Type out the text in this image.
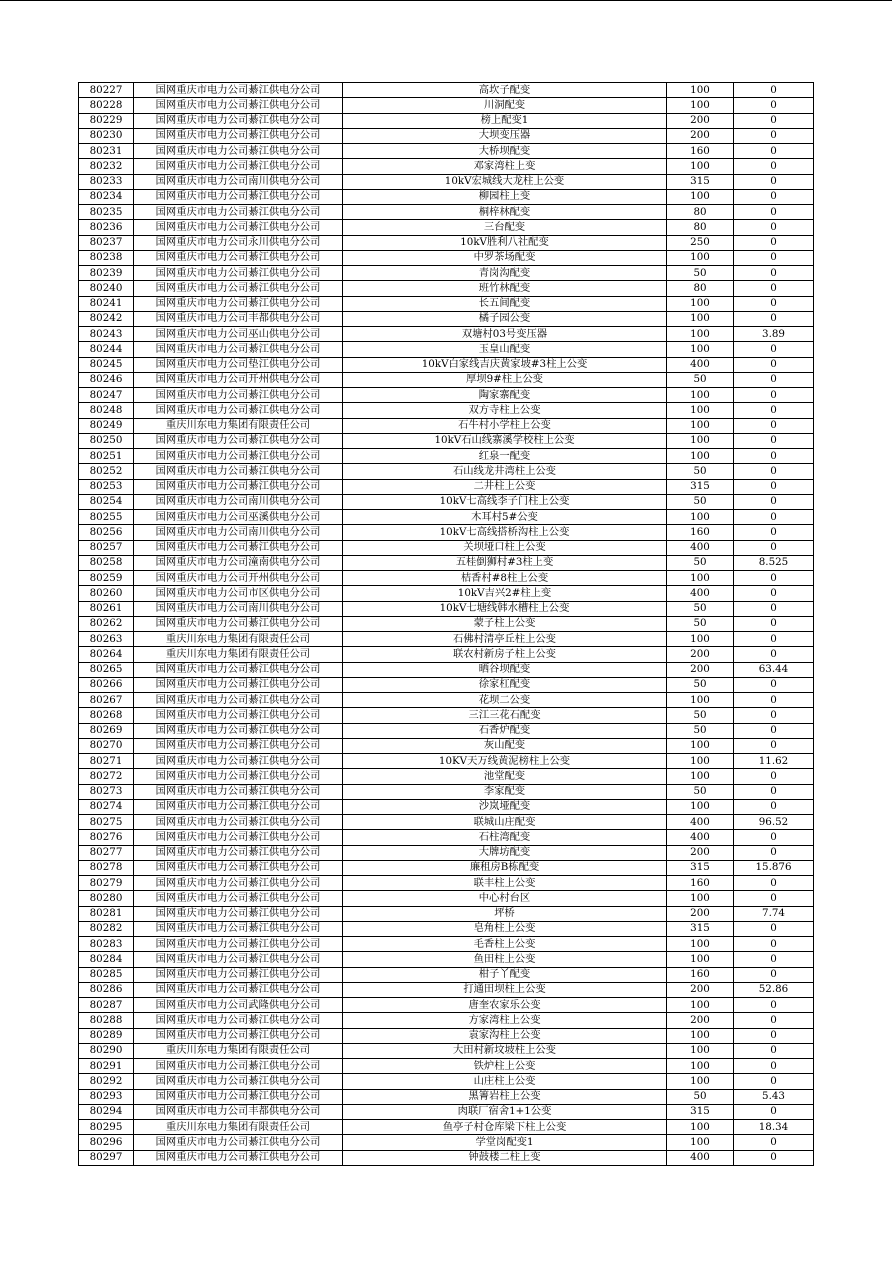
80227	国网重庆市电力公司綦江供电分公司	高坎子配变	100	0
80228	国网重庆市电力公司綦江供电分公司	川洞配变	100	0
80229	国网重庆市电力公司綦江供电分公司	榜上配变1	200	0
80230	国网重庆市电力公司綦江供电分公司	大坝变压器	200	0
80231	国网重庆市电力公司綦江供电分公司	大桥坝配变	160	0
80232	国网重庆市电力公司綦江供电分公司	邓家湾柱上变	100	0
80233	国网重庆市电力公司南川供电分公司	10kV宏城线大龙柱上公变	315	0
80234	国网重庆市电力公司綦江供电分公司	柳园柱上变	100	0
80235	国网重庆市电力公司綦江供电分公司	桐梓林配变	80	0
80236	国网重庆市电力公司綦江供电分公司	三台配变	80	0
80237	国网重庆市电力公司永川供电分公司	10kV胜利八社配变	250	0
80238	国网重庆市电力公司綦江供电分公司	中罗茶场配变	100	0
80239	国网重庆市电力公司綦江供电分公司	青岗沟配变	50	0
80240	国网重庆市电力公司綦江供电分公司	班竹林配变	80	0
80241	国网重庆市电力公司綦江供电分公司	长五间配变	100	0
80242	国网重庆市电力公司丰都供电分公司	橘子园公变	100	0
80243	国网重庆市电力公司巫山供电分公司	双塘村03号变压器	100	3.89
80244	国网重庆市电力公司綦江供电分公司	玉皇山配变	100	0
80245	国网重庆市电力公司垫江供电分公司	10kV白家线吉庆黄家坡#3柱上公变	400	0
80246	国网重庆市电力公司开州供电分公司	厚坝9#柱上公变	50	0
80247	国网重庆市电力公司綦江供电分公司	陶家寨配变	100	0
80248	国网重庆市电力公司綦江供电分公司	双方寺柱上公变	100	0
80249	重庆川东电力集团有限责任公司	石牛村小学柱上公变	100	0
80250	国网重庆市电力公司綦江供电分公司	10kV石山线寨溪学校柱上公变	100	0
80251	国网重庆市电力公司綦江供电分公司	红泉一配变	100	0
80252	国网重庆市电力公司綦江供电分公司	石山线龙井湾柱上公变	50	0
80253	国网重庆市电力公司綦江供电分公司	二井柱上公变	315	0
80254	国网重庆市电力公司南川供电分公司	10kV七高线李子门柱上公变	50	0
80255	国网重庆市电力公司巫溪供电分公司	木耳村5#公变	100	0
80256	国网重庆市电力公司南川供电分公司	10kV七高线搭桥沟柱上公变	160	0
80257	国网重庆市电力公司綦江供电分公司	关坝垭口柱上公变	400	0
80258	国网重庆市电力公司潼南供电分公司	五桂倒狮村#3柱上变	50	8.525
80259	国网重庆市电力公司开州供电分公司	桔香村#8柱上公变	100	0
80260	国网重庆市电力公司市区供电分公司	10kV吉兴2#柱上变	400	0
80261	国网重庆市电力公司南川供电分公司	10kV七塘线韩水槽柱上公变	50	0
80262	国网重庆市电力公司綦江供电分公司	蒙子柱上公变	50	0
80263	重庆川东电力集团有限责任公司	石佛村清亭丘柱上公变	100	0
80264	重庆川东电力集团有限责任公司	联农村新房子柱上公变	200	0
80265	国网重庆市电力公司綦江供电分公司	晒谷坝配变	200	63.44
80266	国网重庆市电力公司綦江供电分公司	徐家杠配变	50	0
80267	国网重庆市电力公司綦江供电分公司	花坝二公变	100	0
80268	国网重庆市电力公司綦江供电分公司	三江三花石配变	50	0
80269	国网重庆市电力公司綦江供电分公司	石香炉配变	50	0
80270	国网重庆市电力公司綦江供电分公司	灰山配变	100	0
80271	国网重庆市电力公司綦江供电分公司	10KV天万线黄泥榜柱上公变	100	11.62
80272	国网重庆市电力公司綦江供电分公司	池堂配变	100	0
80273	国网重庆市电力公司綦江供电分公司	李家配变	50	0
80274	国网重庆市电力公司綦江供电分公司	沙岚垭配变	100	0
80275	国网重庆市电力公司綦江供电分公司	联城山庄配变	400	96.52
80276	国网重庆市电力公司綦江供电分公司	石柱湾配变	400	0
80277	国网重庆市电力公司綦江供电分公司	大牌坊配变	200	0
80278	国网重庆市电力公司綦江供电分公司	廉租房B栋配变	315	15.876
80279	国网重庆市电力公司綦江供电分公司	联丰柱上公变	160	0
80280	国网重庆市电力公司綦江供电分公司	中心村台区	100	0
80281	国网重庆市电力公司綦江供电分公司	坪桥	200	7.74
80282	国网重庆市电力公司綦江供电分公司	皂角柱上公变	315	0
80283	国网重庆市电力公司綦江供电分公司	毛香柱上公变	100	0
80284	国网重庆市电力公司綦江供电分公司	鱼田柱上公变	100	0
80285	国网重庆市电力公司綦江供电分公司	柑子丫配变	160	0
80286	国网重庆市电力公司綦江供电分公司	打通田坝柱上公变	200	52.86
80287	国网重庆市电力公司武隆供电分公司	唐奎农家乐公变	100	0
80288	国网重庆市电力公司綦江供电分公司	方家湾柱上公变	200	0
80289	国网重庆市电力公司綦江供电分公司	袁家沟柱上公变	100	0
80290	重庆川东电力集团有限责任公司	大田村新坟坡柱上公变	100	0
80291	国网重庆市电力公司綦江供电分公司	铁炉柱上公变	100	0
80292	国网重庆市电力公司綦江供电分公司	山庄柱上公变	100	0
80293	国网重庆市电力公司綦江供电分公司	黑箐岩柱上公变	50	5.43
80294	国网重庆市电力公司丰都供电分公司	肉联厂宿舍1+1公变	315	0
80295	重庆川东电力集团有限责任公司	鱼亭子村仓库梁下柱上公变	100	18.34
80296	国网重庆市电力公司綦江供电分公司	学堂岗配变1	100	0
80297	国网重庆市电力公司綦江供电分公司	钟鼓楼二柱上变	400	0
